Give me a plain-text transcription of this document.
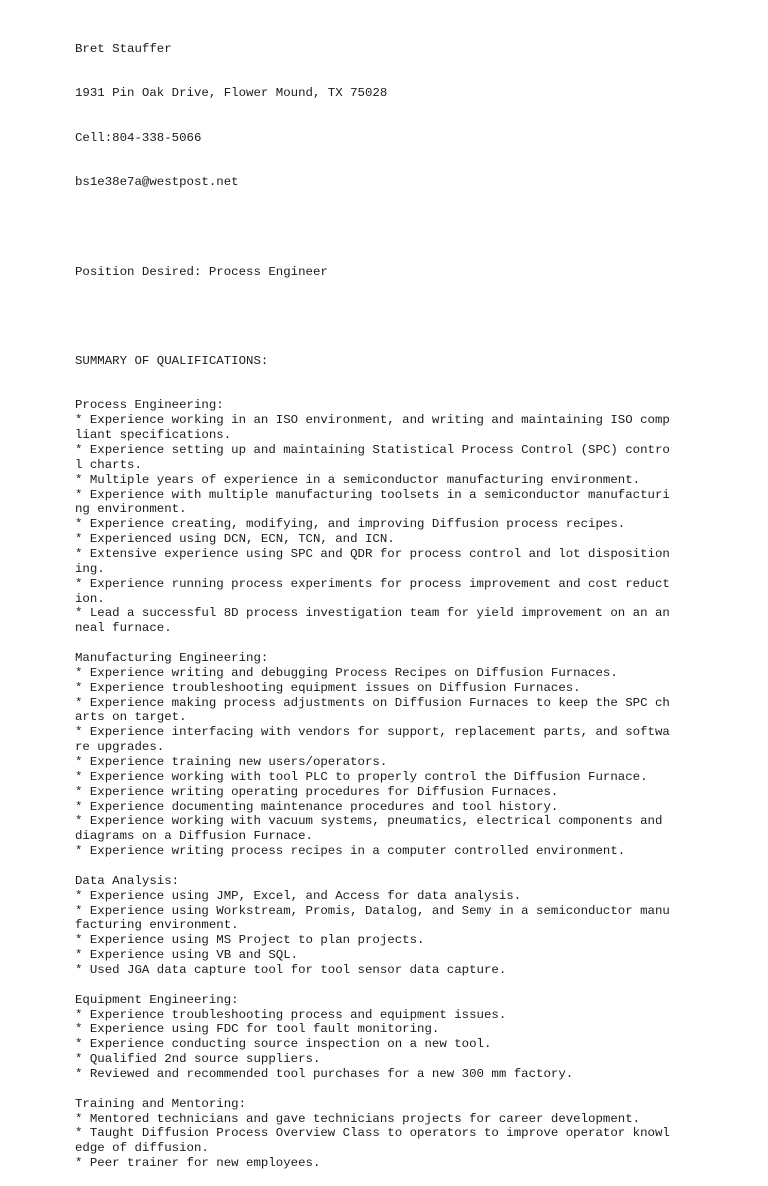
Bret Stauffer

1931 Pin Oak Drive, Flower Mound, TX 75028

Cell:804-338-5066

bs1e38e7a@westpost.net

Position Desired: Process Engineer

SUMMARY OF QUALIFICATIONS:

Process Engineering:
* Experience working in an ISO environment, and writing and maintaining ISO comp
liant specifications.
* Experience setting up and maintaining Statistical Process Control (SPC) contro
l charts.
* Multiple years of experience in a semiconductor manufacturing environment.
* Experience with multiple manufacturing toolsets in a semiconductor manufacturi
ng environment.
* Experience creating, modifying, and improving Diffusion process recipes.
* Experienced using DCN, ECN, TCN, and ICN.
* Extensive experience using SPC and QDR for process control and lot disposition
ing.
* Experience running process experiments for process improvement and cost reduct
ion.
* Lead a successful 8D process investigation team for yield improvement on an an
neal furnace.
Manufacturing Engineering:
* Experience writing and debugging Process Recipes on Diffusion Furnaces.
* Experience troubleshooting equipment issues on Diffusion Furnaces.
* Experience making process adjustments on Diffusion Furnaces to keep the SPC ch
arts on target.
* Experience interfacing with vendors for support, replacement parts, and softwa
re upgrades.
* Experience training new users/operators.
* Experience working with tool PLC to properly control the Diffusion Furnace.
* Experience writing operating procedures for Diffusion Furnaces.
* Experience documenting maintenance procedures and tool history.
* Experience working with vacuum systems, pneumatics, electrical components and
diagrams on a Diffusion Furnace.
* Experience writing process recipes in a computer controlled environment.
Data Analysis:
* Experience using JMP, Excel, and Access for data analysis.
* Experience using Workstream, Promis, Datalog, and Semy in a semiconductor manu
facturing environment.
* Experience using MS Project to plan projects.
* Experience using VB and SQL.
* Used JGA data capture tool for tool sensor data capture.
Equipment Engineering:
* Experience troubleshooting process and equipment issues.
* Experience using FDC for tool fault monitoring.
* Experience conducting source inspection on a new tool.
* Qualified 2nd source suppliers.
* Reviewed and recommended tool purchases for a new 300 mm factory.
Training and Mentoring:
* Mentored technicians and gave technicians projects for career development.
* Taught Diffusion Process Overview Class to operators to improve operator knowl
edge of diffusion.
* Peer trainer for new employees.
